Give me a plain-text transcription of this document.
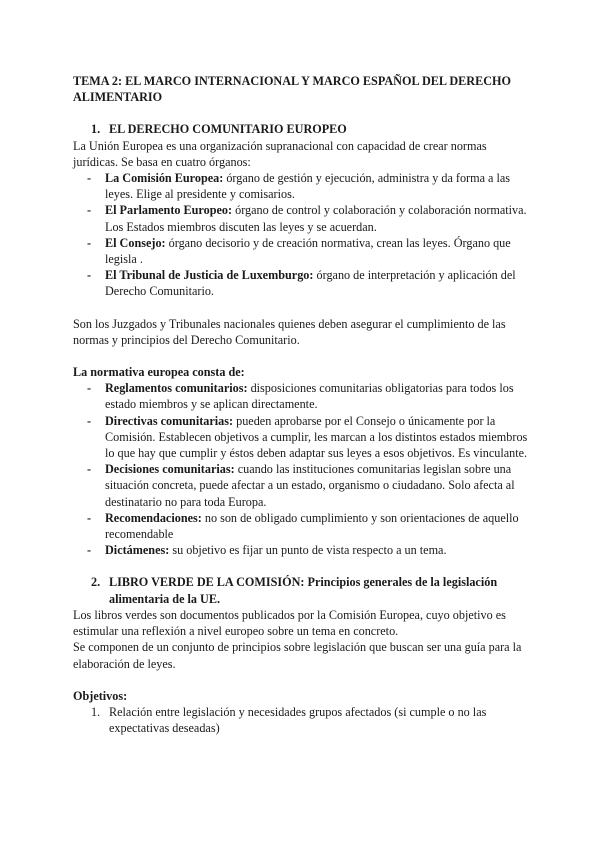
TEMA 2: EL MARCO INTERNACIONAL Y MARCO ESPAÑOL DEL DERECHO ALIMENTARIO

1. EL DERECHO COMUNITARIO EUROPEO

La Unión Europea es una organización supranacional con capacidad de crear normas jurídicas. Se basa en cuatro órganos:

-	La Comisión Europea: órgano de gestión y ejecución, administra y da forma a las leyes. Elige al presidente y comisarios.
-	El Parlamento Europeo: órgano de control y colaboración y colaboración normativa. Los Estados miembros discuten las leyes y se acuerdan.
-	El Consejo: órgano decisorio y de creación normativa, crean las leyes. Órgano que legisla .
-	El Tribunal de Justicia de Luxemburgo: órgano de interpretación y aplicación del Derecho Comunitario.

Son los Juzgados y Tribunales nacionales quienes deben asegurar el cumplimiento de las normas y principios del Derecho Comunitario.

La normativa europea consta de:

-	Reglamentos comunitarios: disposiciones comunitarias obligatorias para todos los estado miembros y se aplican directamente.
-	Directivas comunitarias: pueden aprobarse por el Consejo o únicamente por la Comisión. Establecen objetivos a cumplir, les marcan a los distintos estados miembros lo que hay que cumplir y éstos deben adaptar sus leyes a esos objetivos. Es vinculante.
-	Decisiones comunitarias: cuando las instituciones comunitarias legislan sobre una situación concreta, puede afectar a un estado, organismo o ciudadano. Solo afecta al destinatario no para toda Europa.
-	Recomendaciones: no son de obligado cumplimiento y son orientaciones de aquello recomendable
-	Dictámenes: su objetivo es fijar un punto de vista respecto a un tema.
2. LIBRO VERDE DE LA COMISIÓN: Principios generales de la legislación alimentaria de la UE.

Los libros verdes son documentos publicados por la Comisión Europea, cuyo objetivo es estimular una reflexión a nivel europeo sobre un tema en concreto.

Se componen de un conjunto de principios sobre legislación que buscan ser una guía para la elaboración de leyes.

Objetivos:

1. Relación entre legislación y necesidades grupos afectados (si cumple o no las expectativas deseadas)
